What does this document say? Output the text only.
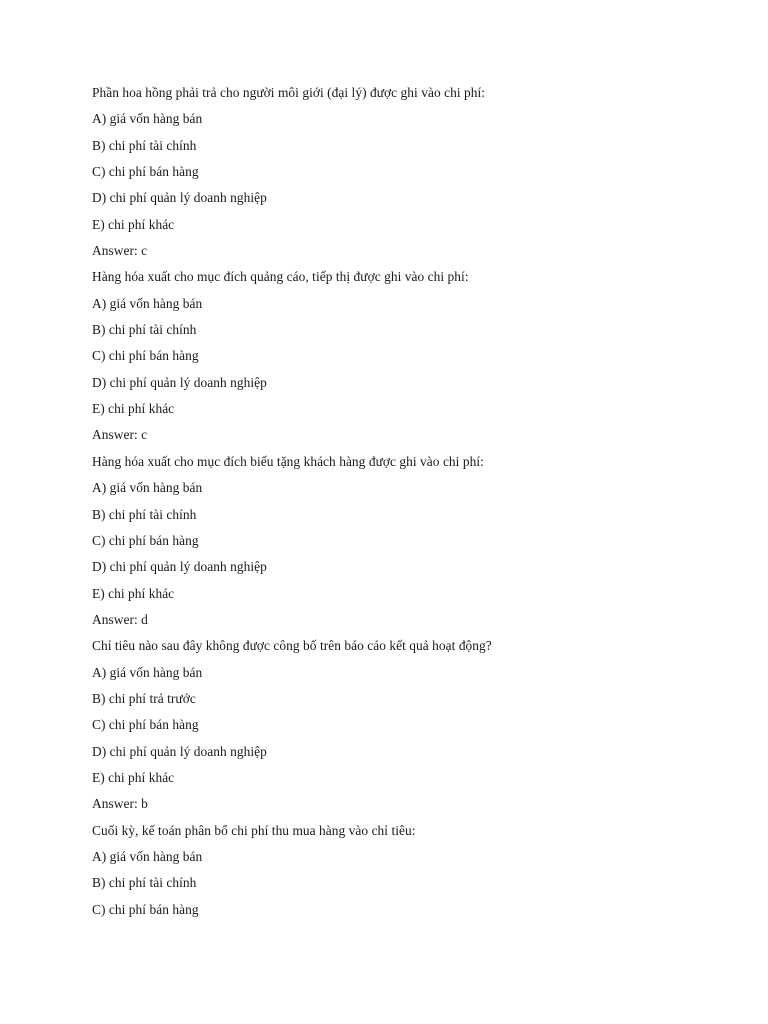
Phần hoa hồng phải trả cho người môi giới (đại lý) được ghi vào chi phí:
A) giá vốn hàng bán
B) chi phí tài chính
C) chi phí bán hàng
D) chi phí quản lý doanh nghiệp
E) chi phí khác
Answer: c
Hàng hóa xuất cho mục đích quảng cáo, tiếp thị được ghi vào chi phí:
A) giá vốn hàng bán
B) chi phí tài chính
C) chi phí bán hàng
D) chi phí quản lý doanh nghiệp
E) chi phí khác
Answer: c
Hàng hóa xuất cho mục đích biếu tặng khách hàng được ghi vào chi phí:
A) giá vốn hàng bán
B) chi phí tài chính
C) chi phí bán hàng
D) chi phí quản lý doanh nghiệp
E) chi phí khác
Answer: d
Chỉ tiêu nào sau đây không được công bố trên báo cáo kết quả hoạt động?
A) giá vốn hàng bán
B) chi phí trả trước
C) chi phí bán hàng
D) chi phí quản lý doanh nghiệp
E) chi phí khác
Answer: b
Cuối kỳ, kế toán phân bổ chi phí thu mua hàng vào chỉ tiêu:
A) giá vốn hàng bán
B) chi phí tài chính
C) chi phí bán hàng
